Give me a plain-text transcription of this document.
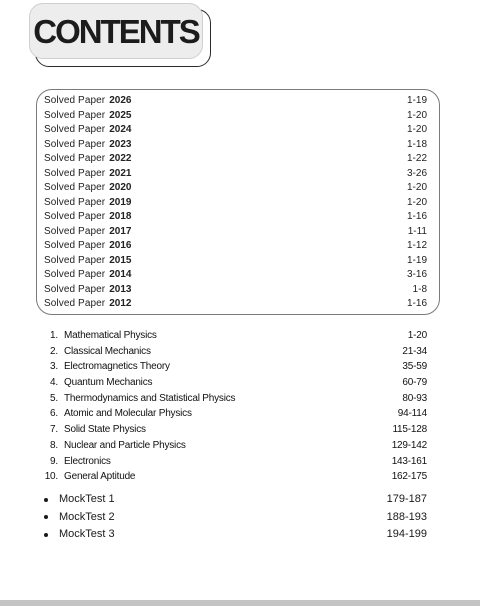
CONTENTS
Solved Paper 2026	1-19
Solved Paper 2025	1-20
Solved Paper 2024	1-20
Solved Paper 2023	1-18
Solved Paper 2022	1-22
Solved Paper 2021	3-26
Solved Paper 2020	1-20
Solved Paper 2019	1-20
Solved Paper 2018	1-16
Solved Paper 2017	1-11
Solved Paper 2016	1-12
Solved Paper 2015	1-19
Solved Paper 2014	3-16
Solved Paper 2013	1-8
Solved Paper 2012	1-16
1. Mathematical Physics	1-20
2. Classical Mechanics	21-34
3. Electromagnetics Theory	35-59
4. Quantum Mechanics	60-79
5. Thermodynamics and Statistical Physics	80-93
6. Atomic and Molecular Physics	94-114
7. Solid State Physics	115-128
8. Nuclear and Particle Physics	129-142
9. Electronics	143-161
10. General Aptitude	162-175
MockTest 1	179-187
MockTest 2	188-193
MockTest 3	194-199
